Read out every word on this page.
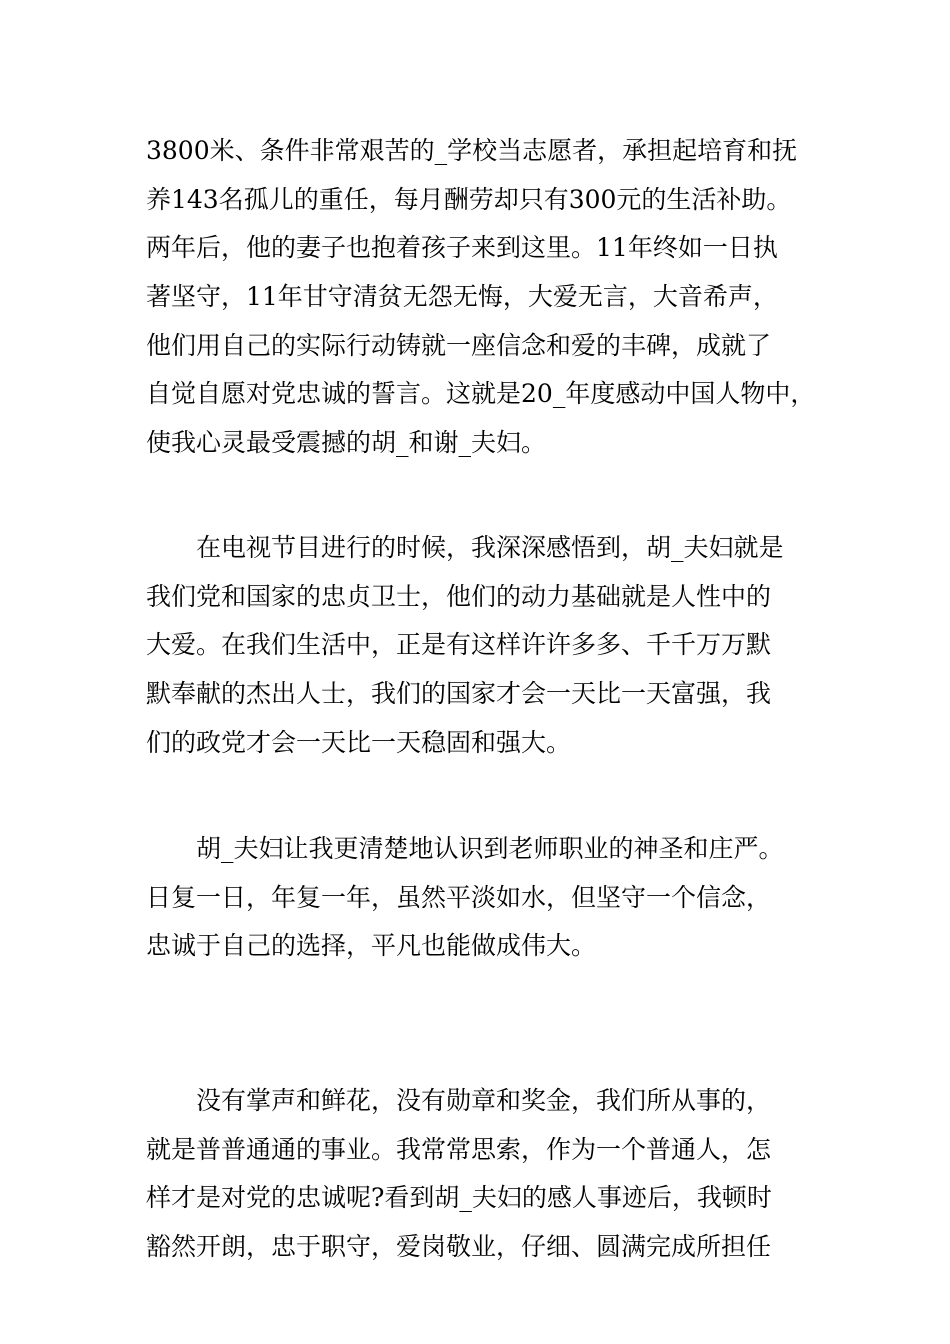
3800米、条件非常艰苦的_学校当志愿者，承担起培育和抚
养143名孤儿的重任，每月酬劳却只有300元的生活补助。
两年后，他的妻子也抱着孩子来到这里。11年终如一日执
著坚守，11年甘守清贫无怨无悔，大爱无言，大音希声，
他们用自己的实际行动铸就一座信念和爱的丰碑，成就了
自觉自愿对党忠诚的誓言。这就是20_年度感动中国人物中，
使我心灵最受震撼的胡_和谢_夫妇。
在电视节目进行的时候，我深深感悟到，胡_夫妇就是
我们党和国家的忠贞卫士，他们的动力基础就是人性中的
大爱。在我们生活中，正是有这样许许多多、千千万万默
默奉献的杰出人士，我们的国家才会一天比一天富强，我
们的政党才会一天比一天稳固和强大。
胡_夫妇让我更清楚地认识到老师职业的神圣和庄严。
日复一日，年复一年，虽然平淡如水，但坚守一个信念，
忠诚于自己的选择，平凡也能做成伟大。
没有掌声和鲜花，没有勋章和奖金，我们所从事的，
就是普普通通的事业。我常常思索，作为一个普通人，怎
样才是对党的忠诚呢?看到胡_夫妇的感人事迹后，我顿时
豁然开朗，忠于职守，爱岗敬业，仔细、圆满完成所担任
